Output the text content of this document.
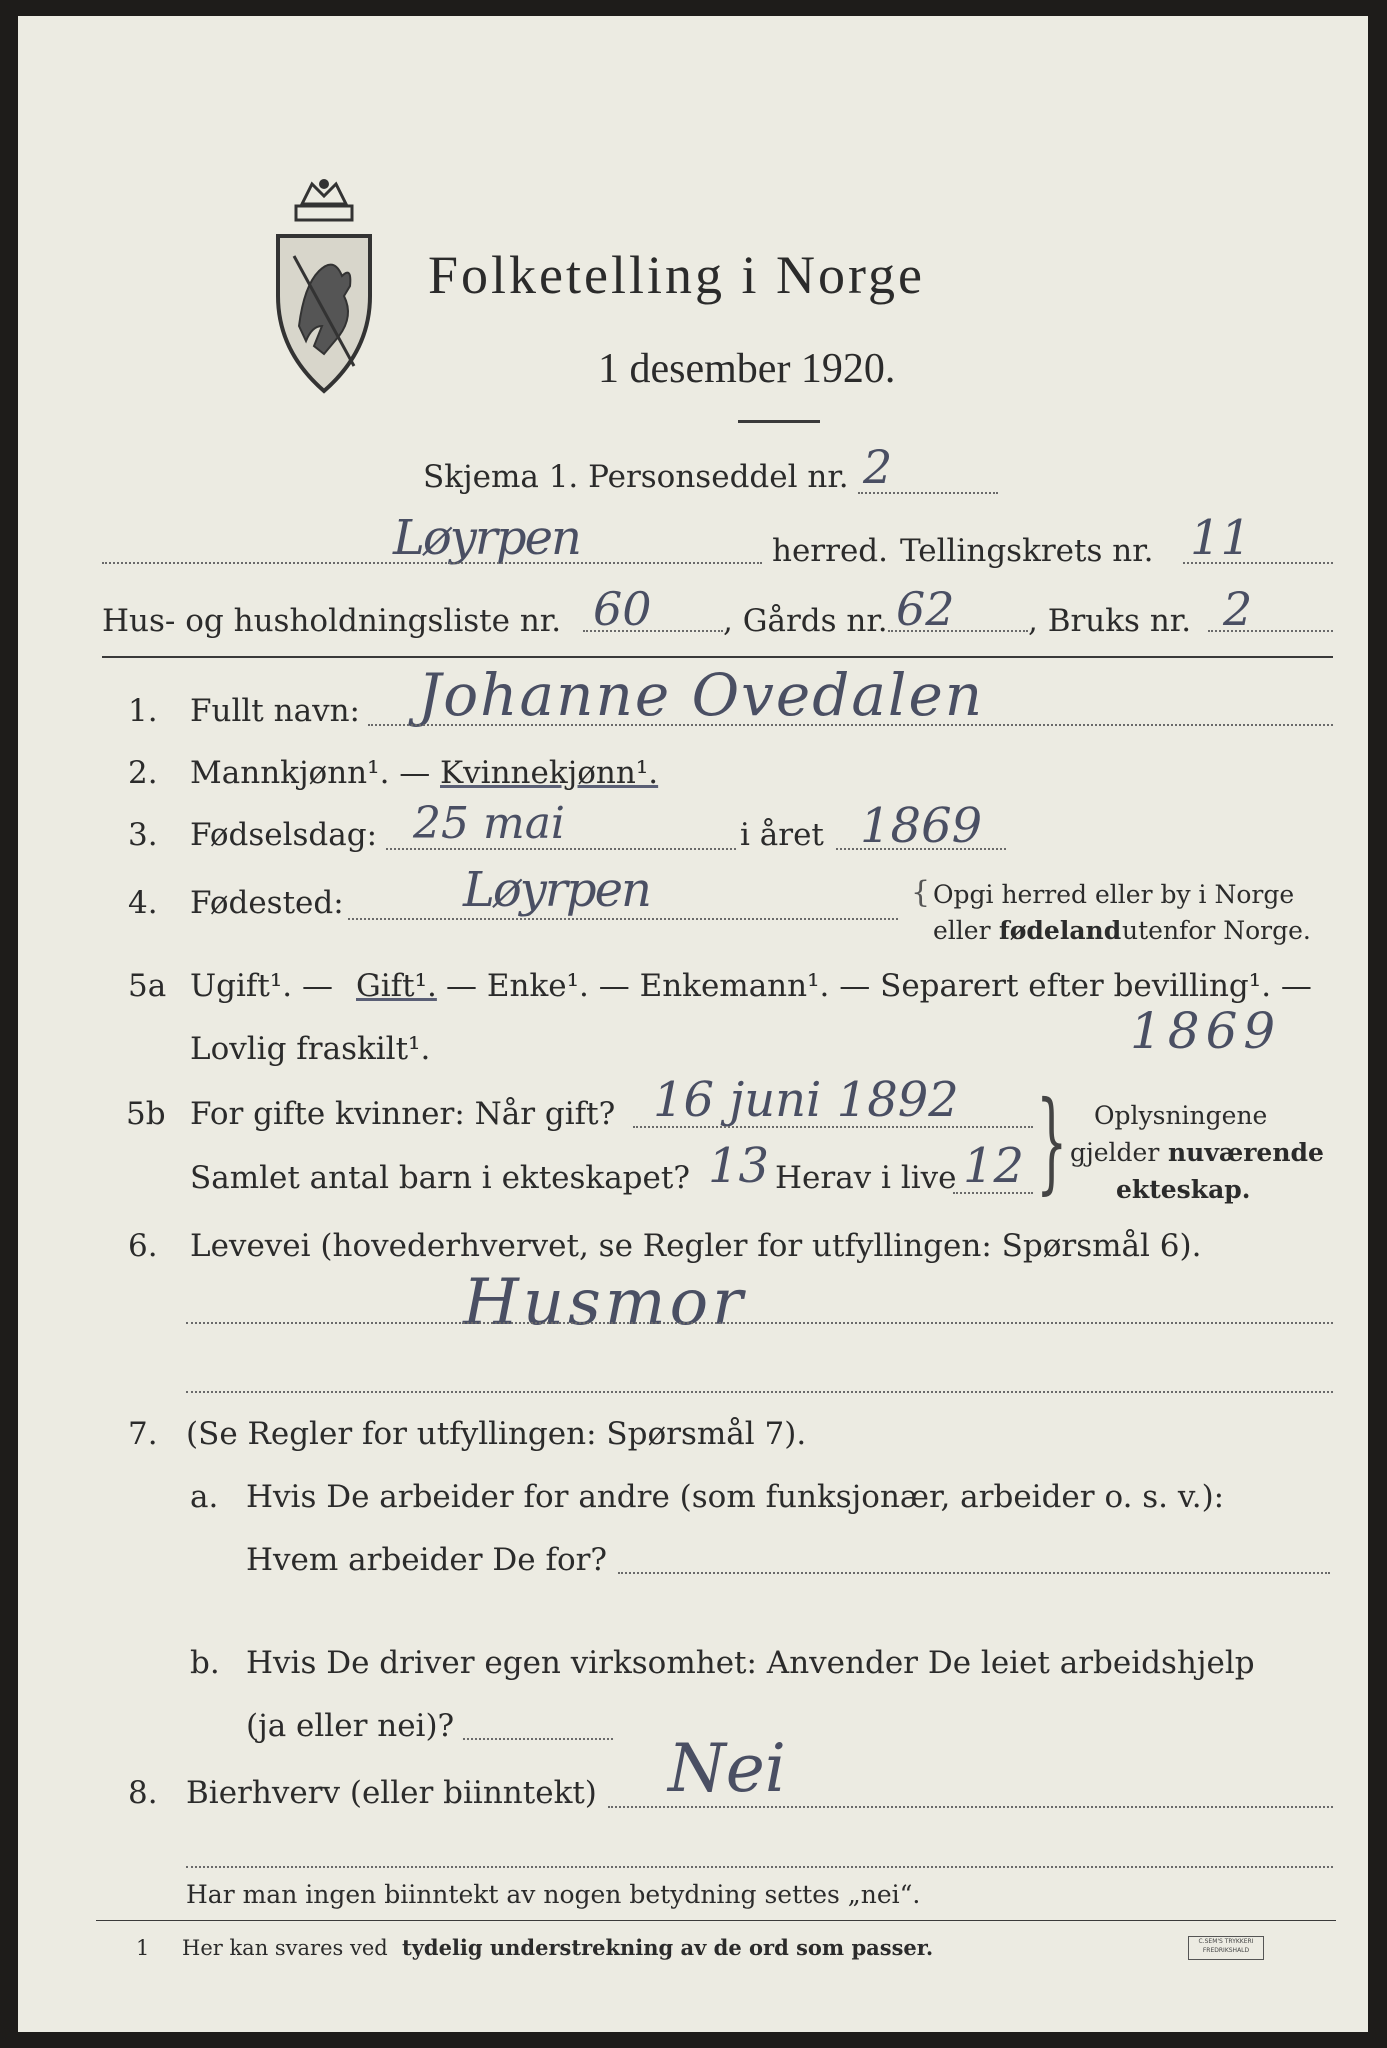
Folketelling i Norge
1 desember 1920.
Skjema 1. Personseddel nr. 2
Løyrpen	herred. Tellingskrets nr. 11
Hus- og husholdningsliste nr. 60 , Gårds nr. 62 , Bruks nr. 2
1. Fullt navn: Johanne Ovedalen
2. Mannkjønn¹. — Kvinnekjønn¹.
3. Fødselsdag: 25 mai	i året 1869
4. Fødested: Løyrpen	{ Opgi herred eller by i Norge
eller fødeland utenfor Norge.
5a Ugift¹. — Gift¹. — Enke¹. — Enkemann¹. — Separert efter bevilling¹. —
Lovlig fraskilt¹.	1869
5b For gifte kvinner: Når gift? 16 juni 1892
Samlet antal barn i ekteskapet? 13 Herav i live 12 } Oplysningene
gjelder nuværende
ekteskap.
6. Levevei (hovederhvervet, se Regler for utfyllingen: Spørsmål 6).
Husmor
7. (Se Regler for utfyllingen: Spørsmål 7).
a. Hvis De arbeider for andre (som funksjonær, arbeider o. s. v.):
Hvem arbeider De for?
b. Hvis De driver egen virksomhet: Anvender De leiet arbeidshjelp
(ja eller nei)?
8. Bierhverv (eller biinntekt) Nei
Har man ingen biinntekt av nogen betydning settes „nei“.
1 Her kan svares ved tydelig understrekning av de ord som passer.	C.SEM'S TRYKKERI FREDRIKSHALD
